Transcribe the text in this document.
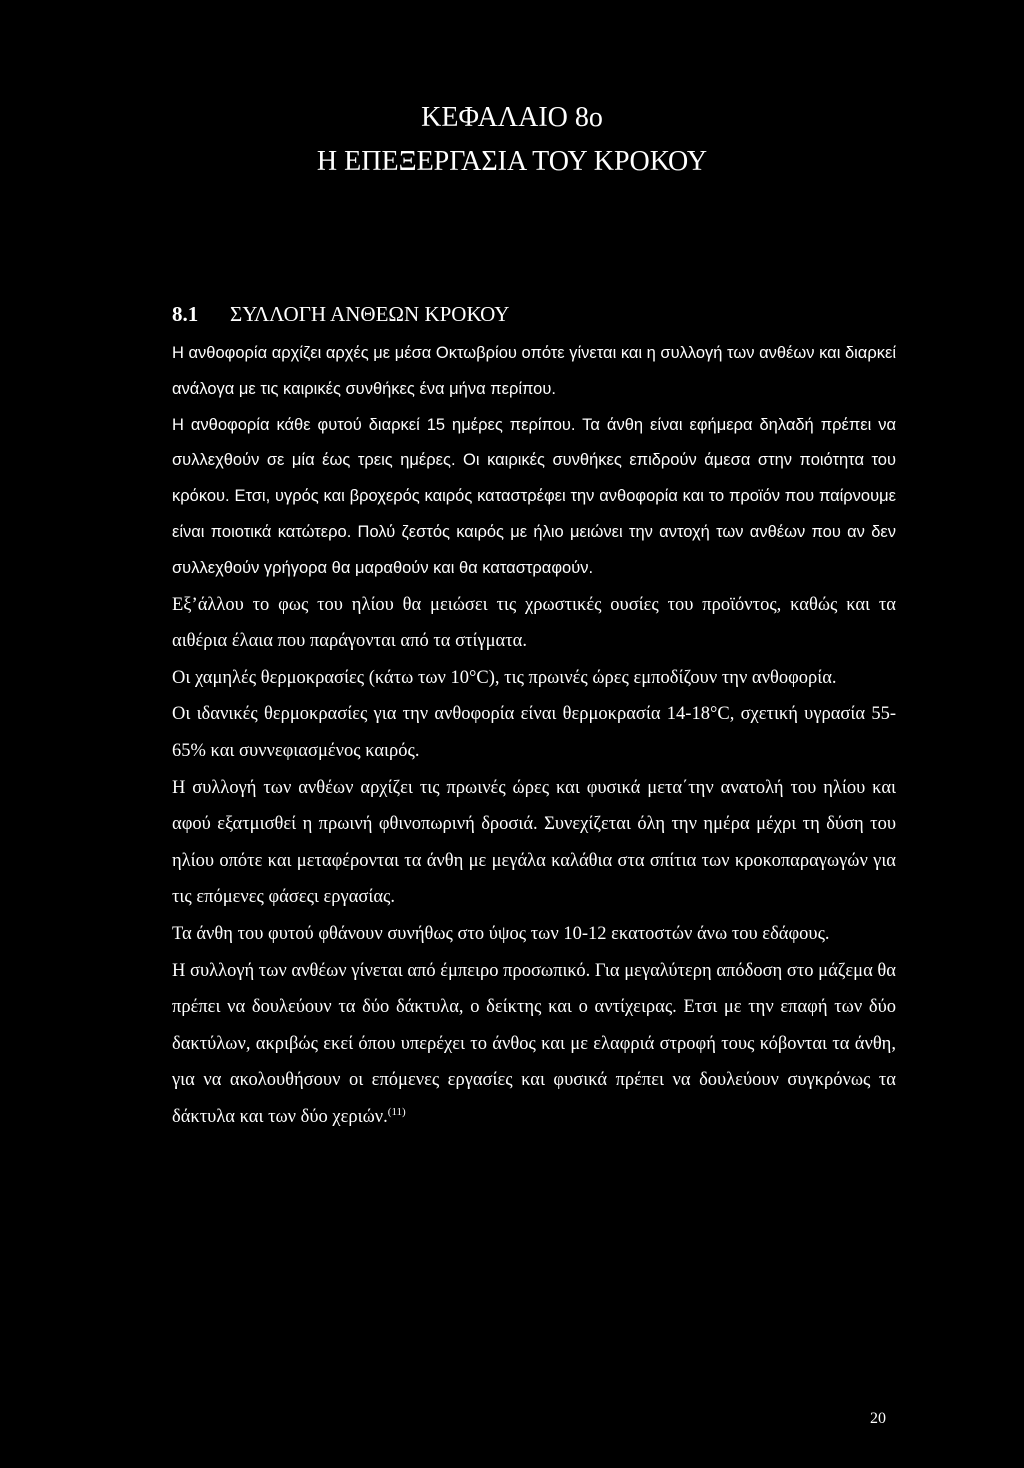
ΚΕΦΑΛΑΙΟ 8ο

Η ΕΠΕΞΕΡΓΑΣΙΑ ΤΟΥ ΚΡΟΚΟΥ

8.1 ΣΥΛΛΟΓΗ ΑΝΘΕΩΝ ΚΡΟΚΟΥ

Η ανθοφορία αρχίζει αρχές με μέσα Οκτωβρίου οπότε γίνεται και η συλλογή των ανθέων και διαρκεί ανάλογα με τις καιρικές συνθήκες ένα μήνα περίπου.

Η ανθοφορία κάθε φυτού διαρκεί 15 ημέρες περίπου. Τα άνθη είναι εφήμερα δηλαδή πρέπει να συλλεχθούν σε μία έως τρεις ημέρες. Οι καιρικές συνθήκες επιδρούν άμεσα στην ποιότητα του κρόκου. Ετσι, υγρός και βροχερός καιρός καταστρέφει την ανθοφορία και το προϊόν που παίρνουμε είναι ποιοτικά κατώτερο. Πολύ ζεστός καιρός με ήλιο μειώνει την αντοχή των ανθέων που αν δεν συλλεχθούν γρήγορα θα μαραθούν και θα καταστραφούν.

Εξ’άλλου το φως του ηλίου θα μειώσει τις χρωστικές ουσίες του προϊόντος, καθώς και τα αιθέρια έλαια που παράγονται από τα στίγματα.

Οι χαμηλές θερμοκρασίες (κάτω των 10°C), τις πρωινές ώρες εμποδίζουν την ανθοφορία.

Οι ιδανικές θερμοκρασίες για την ανθοφορία είναι θερμοκρασία 14-18°C, σχετική υγρασία 55-65% και συννεφιασμένος καιρός.

Η συλλογή των ανθέων αρχίζει τις πρωινές ώρες και φυσικά μετα΄την ανατολή του ηλίου και αφού εξατμισθεί η πρωινή φθινοπωρινή δροσιά. Συνεχίζεται όλη την ημέρα μέχρι τη δύση του ηλίου οπότε και μεταφέρονται τα άνθη με μεγάλα καλάθια στα σπίτια των κροκοπαραγωγών για τις επόμενες φάσεςι εργασίας.

Τα άνθη του φυτού φθάνουν συνήθως στο ύψος των 10-12 εκατοστών άνω του εδάφους.

Η συλλογή των ανθέων γίνεται από έμπειρο προσωπικό. Για μεγαλύτερη απόδοση στο μάζεμα θα πρέπει να δουλεύουν τα δύο δάκτυλα, ο δείκτης και ο αντίχειρας. Ετσι με την επαφή των δύο δακτύλων, ακριβώς εκεί όπου υπερέχει το άνθος και με ελαφριά στροφή τους κόβονται τα άνθη, για να ακολουθήσουν οι επόμενες εργασίες και φυσικά πρέπει να δουλεύουν συγκρόνως τα δάκτυλα και των δύο χεριών.$^{(11)}$

20
